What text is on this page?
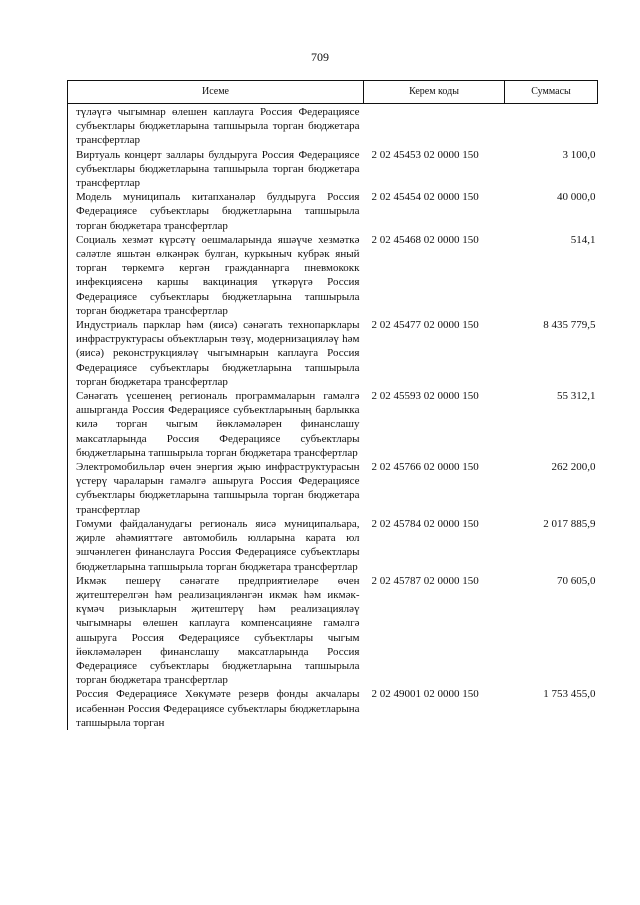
709
Исеме	Керем коды	Суммасы
түләүгә чыгымнар өлешен каплауга Россия Федерациясе субъектлары бюджетларына тапшырыла торган бюджетара трансфертлар		
Виртуаль концерт заллары булдыруга Россия Федерациясе субъектлары бюджетларына тапшырыла торган бюджетара трансфертлар	2 02 45453 02 0000 150	3 100,0
Модель муниципаль китапханәләр булдыруга Россия Федерациясе субъектлары бюджетларына тапшырыла торган бюджетара трансфертлар	2 02 45454 02 0000 150	40 000,0
Социаль хезмәт күрсәтү оешмаларында яшәүче хезмәткә сәләтле яшьтән өлкәнрәк булган, куркыныч кубрәк яный торган төркемгә кергән гражданнарга пневмококк инфекциясенә каршы вакцинация үткәрүгә Россия Федерациясе субъектлары бюджетларына тапшырыла торган бюджетара трансфертлар	2 02 45468 02 0000 150	514,1
Индустриаль парклар һәм (яисә) сәнәгать технопарклары инфраструктурасы объектларын төзү, модернизацияләү һәм (яисә) реконструкцияләү чыгымнарын каплауга Россия Федерациясе субъектлары бюджетларына тапшырыла торган бюджетара трансфертлар	2 02 45477 02 0000 150	8 435 779,5
Сәнәгать үсешенең региональ программаларын гамәлгә ашырганда Россия Федерациясе субъектларының барлыкка килә торган чыгым йөкләмәләрен финанслашу максатларында Россия Федерациясе субъектлары бюджетларына тапшырыла торган бюджетара трансфертлар	2 02 45593 02 0000 150	55 312,1
Электромобильләр өчен энергия җыю инфраструктурасын үстерү чараларын гамәлгә ашыруга Россия Федерациясе субъектлары бюджетларына тапшырыла торган бюджетара трансфертлар	2 02 45766 02 0000 150	262 200,0
Гомуми файдаланудагы региональ яисә муниципальара, җирле әһәмияттәге автомобиль юлларына карата юл эшчәнлеген финанслауга Россия Федерациясе субъектлары бюджетларына тапшырыла торган бюджетара трансфертлар	2 02 45784 02 0000 150	2 017 885,9
Икмәк пешерү сәнәгате предприятиеләре өчен җитештерелгән һәм реализацияләнгән икмәк һәм икмәк-күмәч ризыкларын җитештерү һәм реализацияләү чыгымнары өлешен каплауга компенсацияне гамәлгә ашыруга Россия Федерациясе субъектлары чыгым йөкләмәләрен финанслашу максатларында Россия Федерациясе субъектлары бюджетларына тапшырыла торган бюджетара трансфертлар	2 02 45787 02 0000 150	70 605,0
Россия Федерациясе Хөкүмәте резерв фонды акчалары исәбеннән Россия Федерациясе субъектлары бюджетларына тапшырыла торган	2 02 49001 02 0000 150	1 753 455,0
